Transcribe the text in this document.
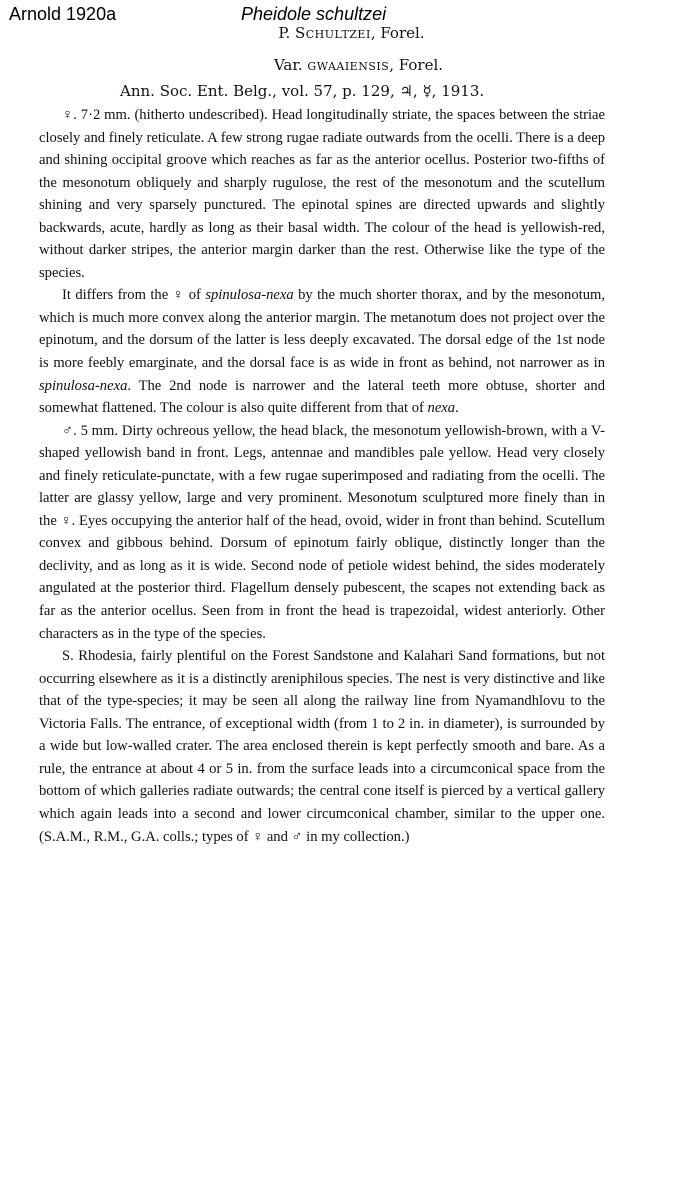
Arnold 1920a	Pheidole schultzei
P. Schultzei, Forel.
Var. gwaaiensis, Forel.
Ann. Soc. Ent. Belg., vol. 57, p. 129, ♃, ☿, 1913.

♀. 7·2 mm. (hitherto undescribed). Head longitudinally striate, the spaces between the striae closely and finely reticulate. A few strong rugae radiate outwards from the ocelli. There is a deep and shining occipital groove which reaches as far as the anterior ocellus. Posterior two-fifths of the mesonotum obliquely and sharply rugulose, the rest of the mesonotum and the scutellum shining and very sparsely punctured. The epinotal spines are directed upwards and slightly backwards, acute, hardly as long as their basal width. The colour of the head is yellowish-red, without darker stripes, the anterior margin darker than the rest. Otherwise like the type of the species.

It differs from the ♀ of spinulosa-nexa by the much shorter thorax, and by the mesonotum, which is much more convex along the anterior margin. The metanotum does not project over the epinotum, and the dorsum of the latter is less deeply excavated. The dorsal edge of the 1st node is more feebly emarginate, and the dorsal face is as wide in front as behind, not narrower as in spinulosa-nexa. The 2nd node is narrower and the lateral teeth more obtuse, shorter and somewhat flattened. The colour is also quite different from that of nexa.

♂. 5 mm. Dirty ochreous yellow, the head black, the mesonotum yellowish-brown, with a V-shaped yellowish band in front. Legs, antennae and mandibles pale yellow. Head very closely and finely reticulate-punctate, with a few rugae superimposed and radiating from the ocelli. The latter are glassy yellow, large and very prominent. Mesonotum sculptured more finely than in the ♀. Eyes occupying the anterior half of the head, ovoid, wider in front than behind. Scutellum convex and gibbous behind. Dorsum of epinotum fairly oblique, distinctly longer than the declivity, and as long as it is wide. Second node of petiole widest behind, the sides moderately angulated at the posterior third. Flagellum densely pubescent, the scapes not extending back as far as the anterior ocellus. Seen from in front the head is trapezoidal, widest anteriorly. Other characters as in the type of the species.

S. Rhodesia, fairly plentiful on the Forest Sandstone and Kalahari Sand formations, but not occurring elsewhere as it is a distinctly areniphilous species. The nest is very distinctive and like that of the type-species; it may be seen all along the railway line from Nyamandhlovu to the Victoria Falls. The entrance, of exceptional width (from 1 to 2 in. in diameter), is surrounded by a wide but low-walled crater. The area enclosed therein is kept perfectly smooth and bare. As a rule, the entrance at about 4 or 5 in. from the surface leads into a circumconical space from the bottom of which galleries radiate outwards; the central cone itself is pierced by a vertical gallery which again leads into a second and lower circumconical chamber, similar to the upper one. (S.A.M., R.M., G.A. colls.; types of ♀ and ♂ in my collection.)
